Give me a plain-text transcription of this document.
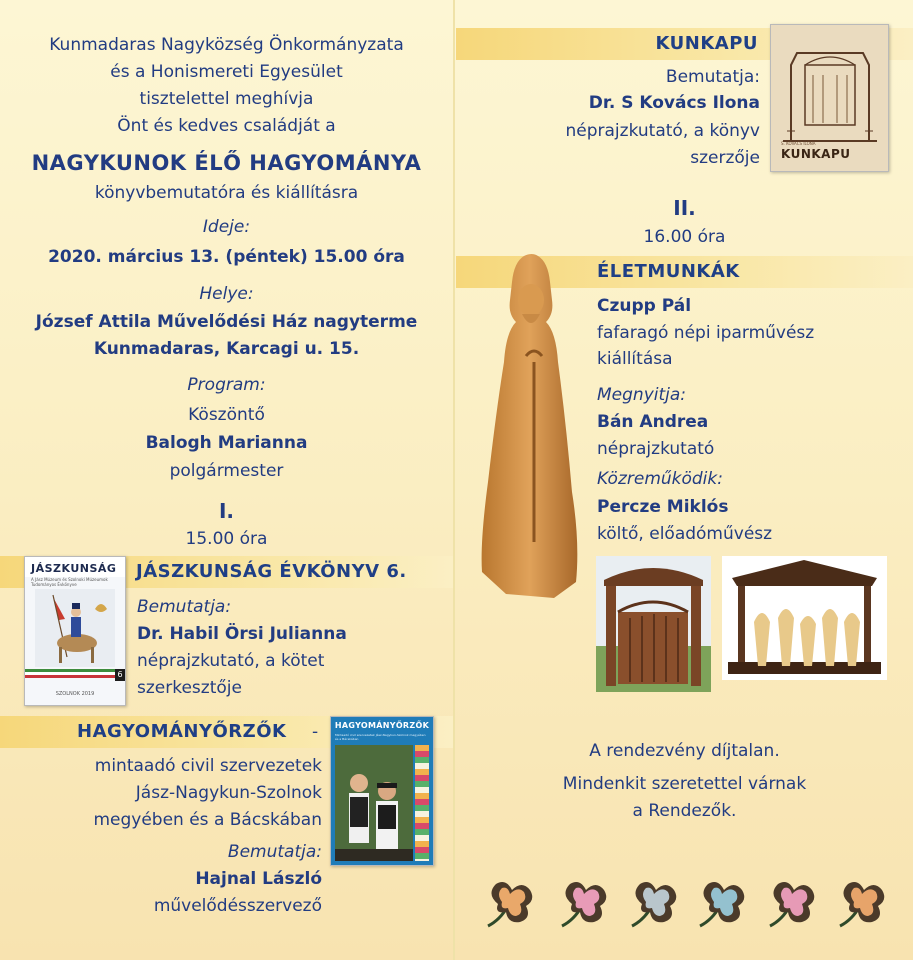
Kunmadaras Nagyközség Önkormányzata
és a Honismereti Egyesület
tisztelettel meghívja
Önt és kedves családját a
NAGYKUNOK ÉLŐ HAGYOMÁNYA
könyvbemutatóra és kiállításra
Ideje:
2020. március 13. (péntek) 15.00 óra
Helye:
József Attila Művelődési Ház nagyterme
Kunmadaras, Karcagi u. 15.
Program:
Köszöntő
Balogh Marianna
polgármester
I.
15.00 óra
JÁSZKUNSÁG ÉVKÖNYV 6.
JÁSZKUNSÁG
A Jász Múzeum és Szolnoki Múzeumok Tudományos Évkönyve
6
SZOLNOK 2019
Bemutatja:
Dr. Habil Örsi Julianna
néprajzkutató, a kötet
szerkesztője
HAGYOMÁNYŐRZŐK -	HAGYOMÁNYŐRZŐK
Mintaadó civil szervezetek Jász-Nagykun-Szolnok megyében és a Bácskában
mintaadó civil szervezetek
Jász-Nagykun-Szolnok
megyében és a Bácskában
Bemutatja:
Hajnal László
művelődésszervező
KUNKAPU
S. KOVÁCS ILONA
KUNKAPU
Bemutatja:
Dr. S Kovács Ilona
néprajzkutató, a könyv
szerzője
II.
16.00 óra
ÉLETMUNKÁK
Czupp Pál
fafaragó népi iparművész
kiállítása
Megnyitja:
Bán Andrea
néprajzkutató
Közreműködik:
Percze Miklós
költő, előadóművész
A rendezvény díjtalan.
Mindenkit szeretettel várnak
a Rendezők.
